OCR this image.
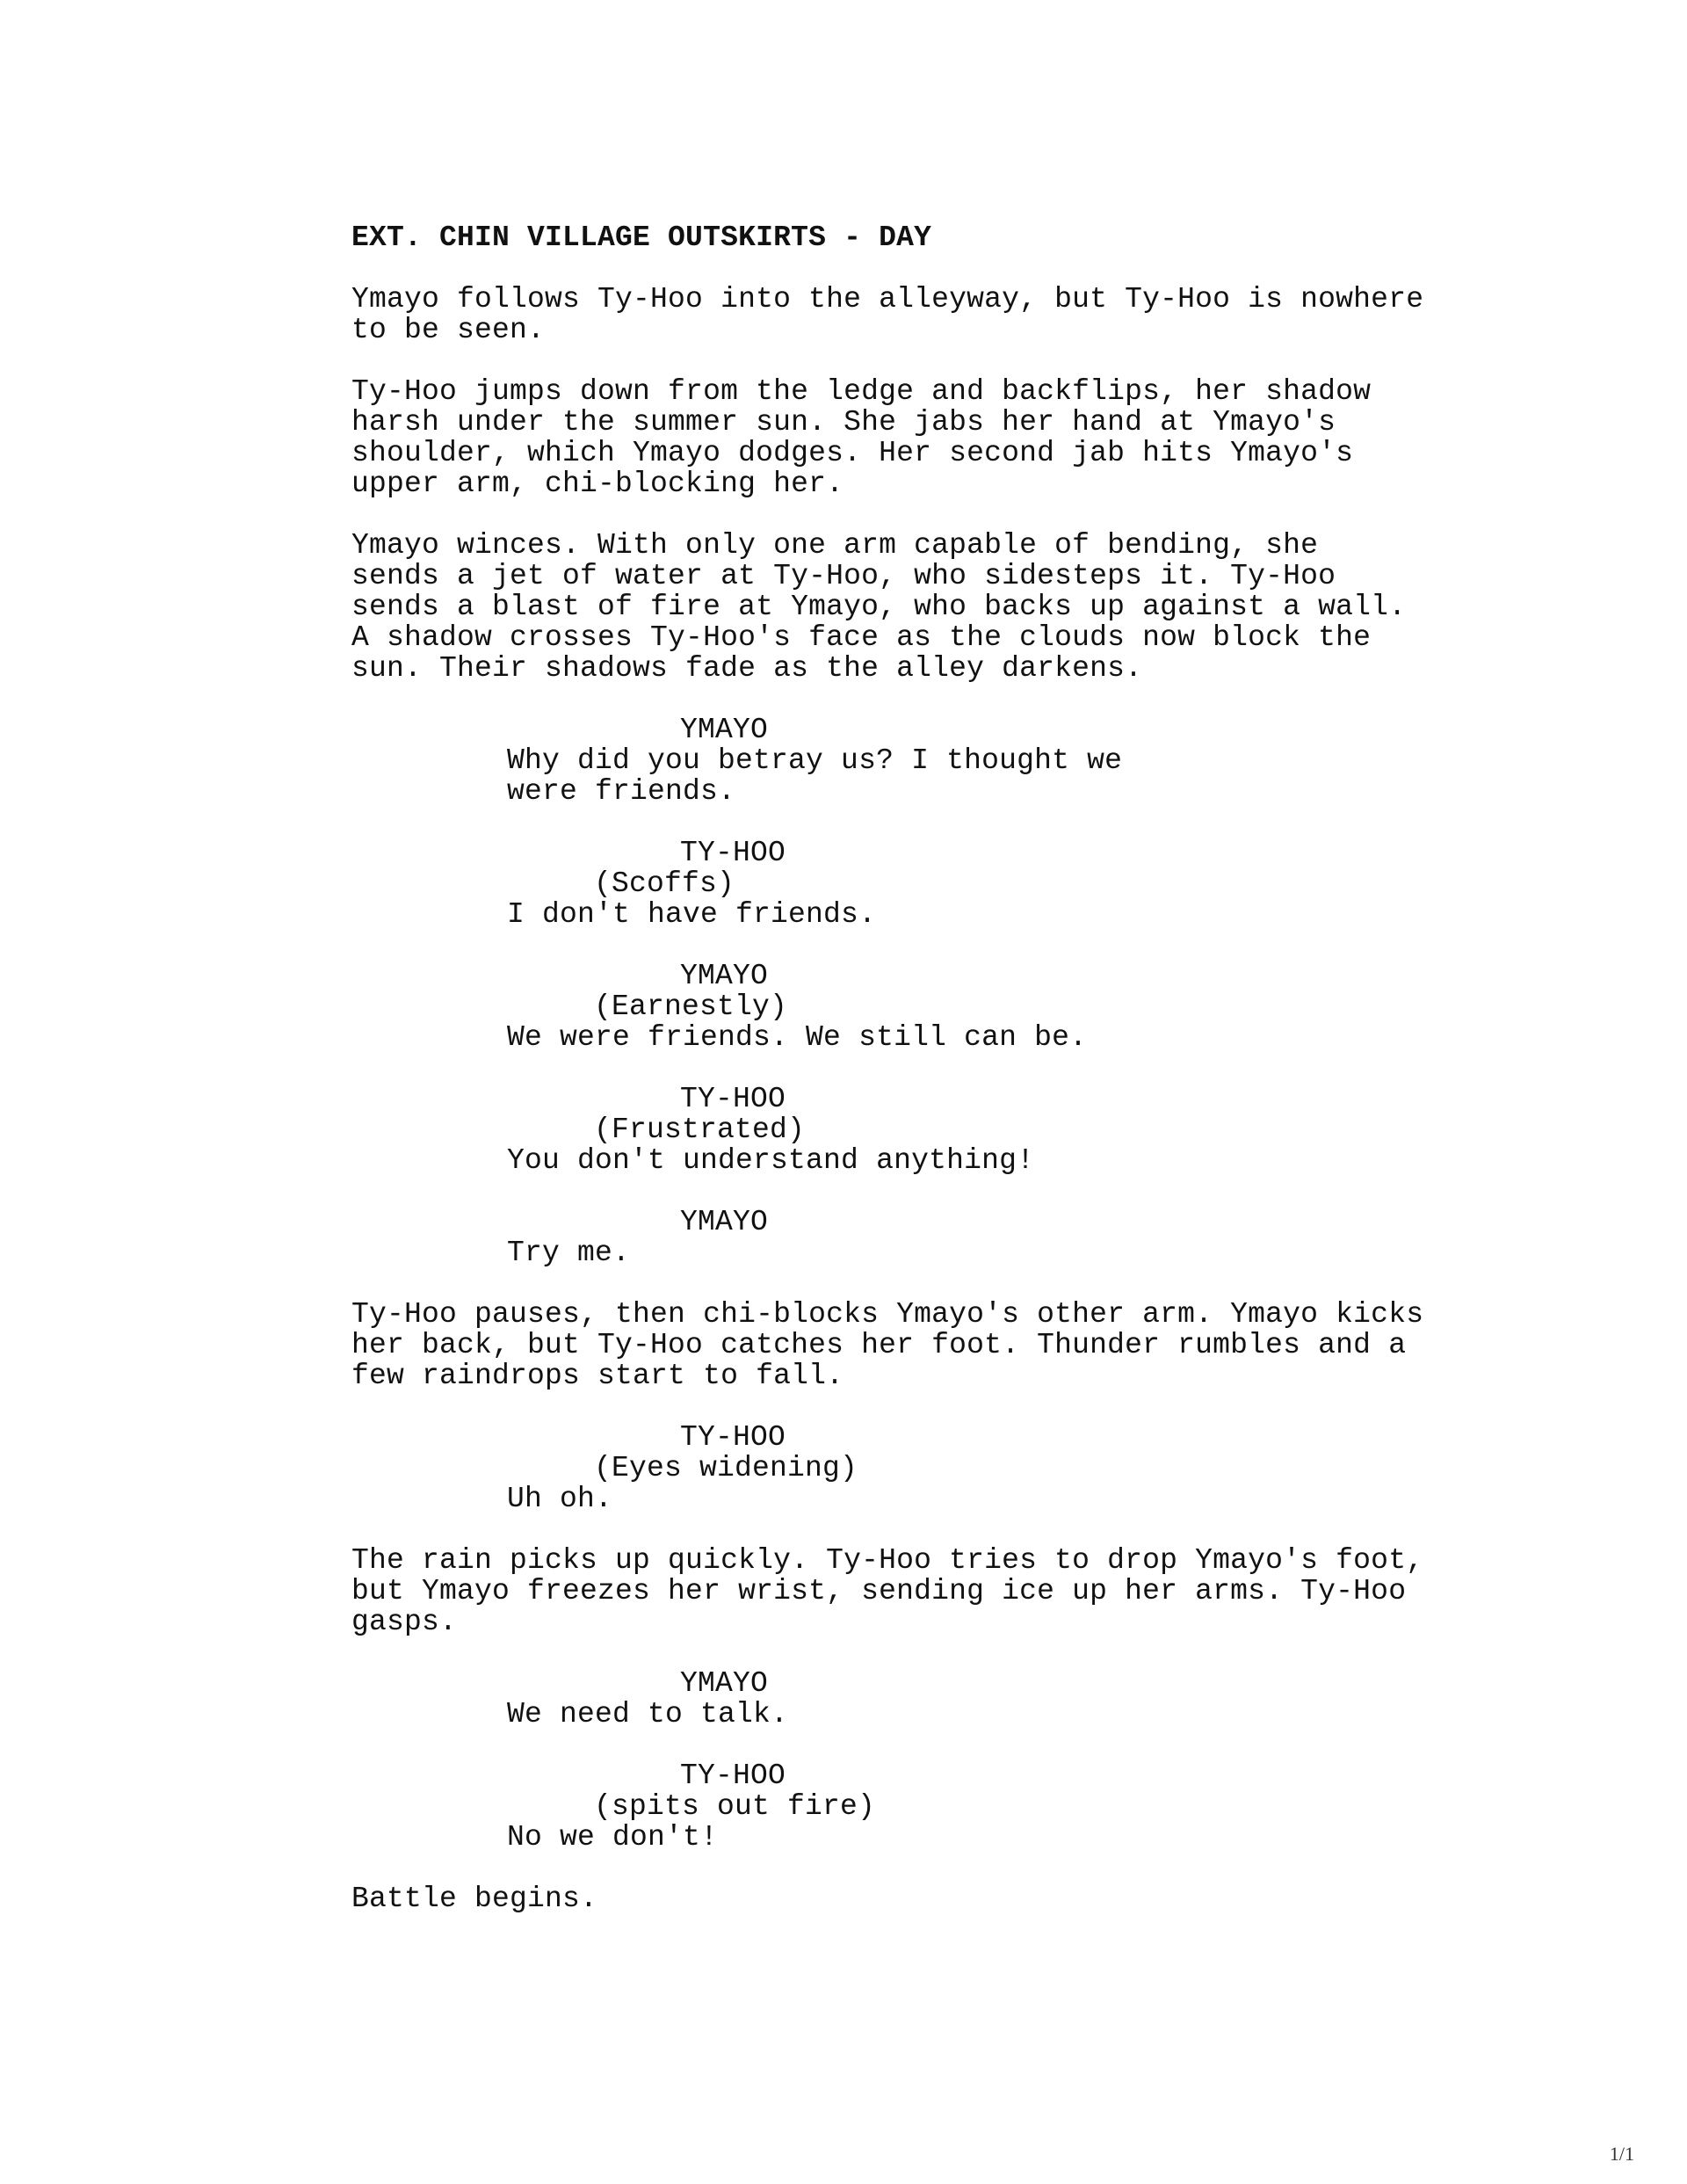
EXT. CHIN VILLAGE OUTSKIRTS - DAY
Ymayo follows Ty-Hoo into the alleyway, but Ty-Hoo is nowhere
to be seen.
Ty-Hoo jumps down from the ledge and backflips, her shadow
harsh under the summer sun. She jabs her hand at Ymayo's
shoulder, which Ymayo dodges. Her second jab hits Ymayo's
upper arm, chi-blocking her.
Ymayo winces. With only one arm capable of bending, she
sends a jet of water at Ty-Hoo, who sidesteps it. Ty-Hoo
sends a blast of fire at Ymayo, who backs up against a wall.
A shadow crosses Ty-Hoo's face as the clouds now block the
sun. Their shadows fade as the alley darkens.
YMAYO
Why did you betray us? I thought we
were friends.
TY-HOO
(Scoffs)
I don't have friends.
YMAYO
(Earnestly)
We were friends. We still can be.
TY-HOO
(Frustrated)
You don't understand anything!
YMAYO
Try me.
Ty-Hoo pauses, then chi-blocks Ymayo's other arm. Ymayo kicks
her back, but Ty-Hoo catches her foot. Thunder rumbles and a
few raindrops start to fall.
TY-HOO
(Eyes widening)
Uh oh.
The rain picks up quickly. Ty-Hoo tries to drop Ymayo's foot,
but Ymayo freezes her wrist, sending ice up her arms. Ty-Hoo
gasps.
YMAYO
We need to talk.
TY-HOO
(spits out fire)
No we don't!
Battle begins.
1/1
